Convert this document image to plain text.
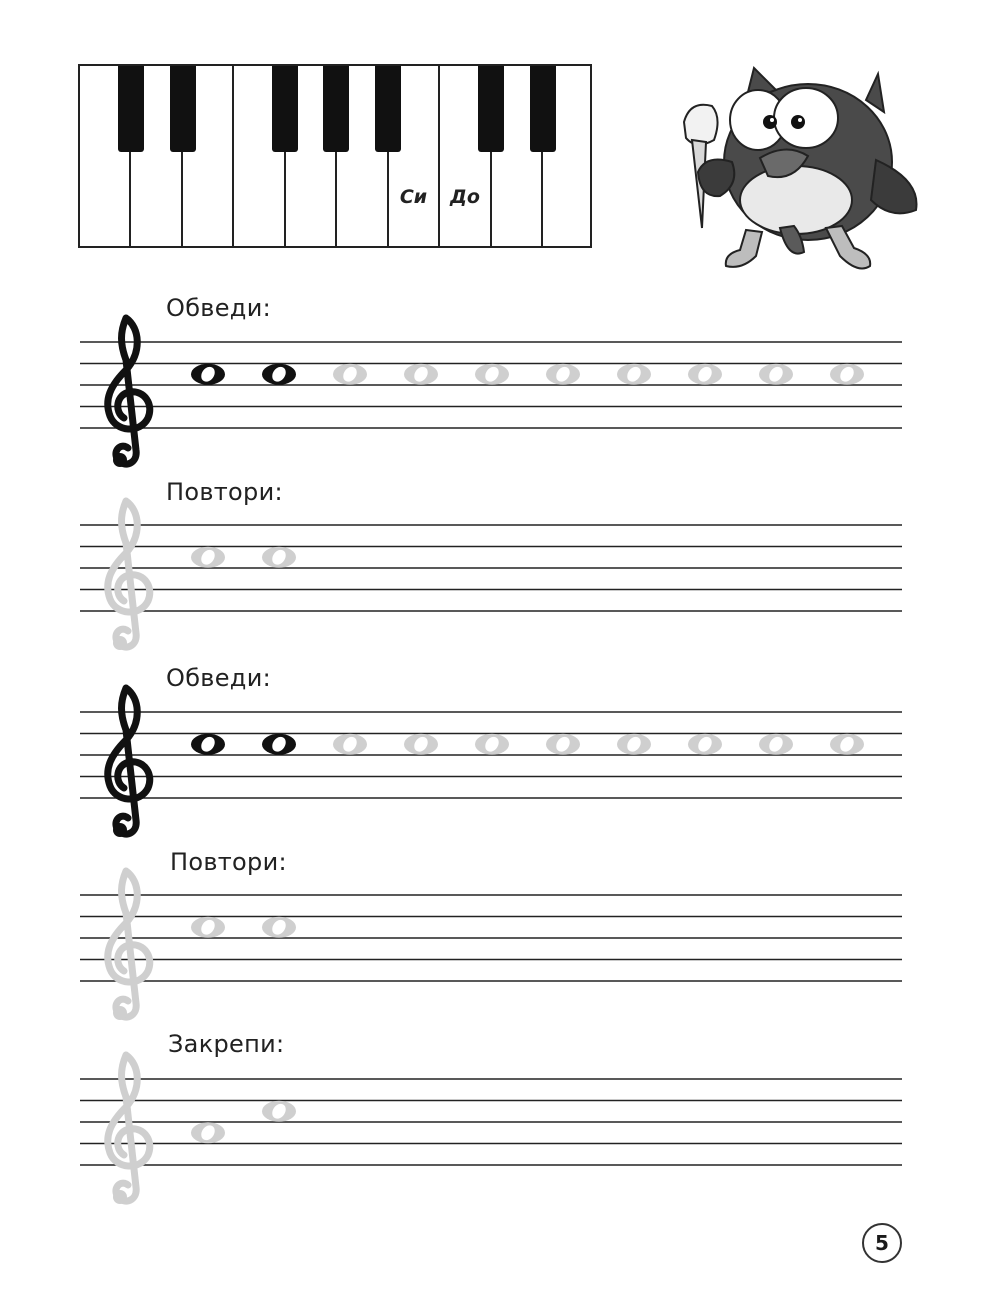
Си	До
Обведи:
Повтори:
Обведи:
Повтори:
Закрепи:
5
